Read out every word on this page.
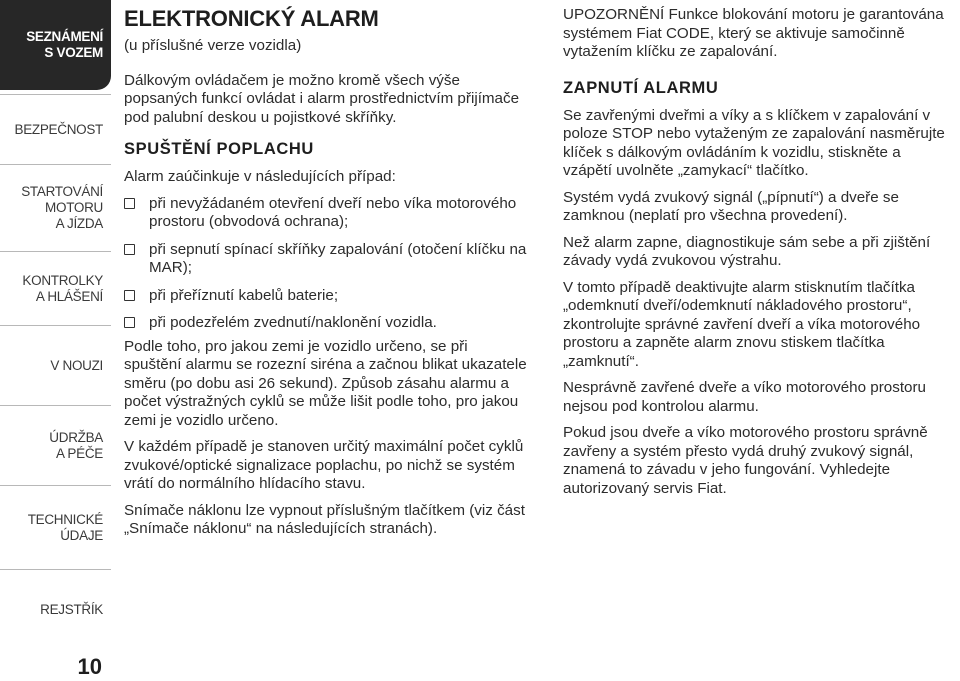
SEZNÁMENÍ
S VOZEM
BEZPEČNOST
STARTOVÁNÍ
MOTORU
A JÍZDA
KONTROLKY
A HLÁŠENÍ
V NOUZI
ÚDRŽBA
A PÉČE
TECHNICKÉ
ÚDAJE
REJSTŘÍK
10
ELEKTRONICKÝ ALARM

(u příslušné verze vozidla)

Dálkovým ovládačem je možno kromě všech výše popsaných funkcí ovládat i alarm prostřednictvím přijímače pod palubní deskou u pojistkové skříňky.

SPUŠTĚNÍ POPLACHU

Alarm zaúčinkuje v následujících případ:

při nevyžádaném otevření dveří nebo víka motorového prostoru (obvodová ochrana);
při sepnutí spínací skříňky zapalování (otočení klíčku na MAR);
při přeříznutí kabelů baterie;
při podezřelém zvednutí/naklonění vozidla.

Podle toho, pro jakou zemi je vozidlo určeno, se při spuštění alarmu se rozezní siréna a začnou blikat ukazatele směru (po dobu asi 26 sekund). Způsob zásahu alarmu a počet výstražných cyklů se může lišit podle toho, pro jakou zemi je vozidlo určeno.

V každém případě je stanoven určitý maximální počet cyklů zvukové/optické signalizace poplachu, po nichž se systém vrátí do normálního hlídacího stavu.

Snímače náklonu lze vypnout příslušným tlačítkem (viz část „Snímače náklonu“ na následujících stranách).

UPOZORNĚNÍ Funkce blokování motoru je garantována systémem Fiat CODE, který se aktivuje samočinně vytažením klíčku ze zapalování.

ZAPNUTÍ ALARMU

Se zavřenými dveřmi a víky a s klíčkem v zapalování v poloze STOP nebo vytaženým ze zapalování nasměrujte klíček s dálkovým ovládáním k vozidlu, stiskněte a vzápětí uvolněte „zamykací“ tlačítko.

Systém vydá zvukový signál („pípnutí“) a dveře se zamknou (neplatí pro všechna provedení).

Než alarm zapne, diagnostikuje sám sebe a při zjištění závady vydá zvukovou výstrahu.

V tomto případě deaktivujte alarm stisknutím tlačítka „odemknutí dveří/odemknutí nákladového prostoru“, zkontrolujte správné zavření dveří a víka motorového prostoru a zapněte alarm znovu stiskem tlačítka „zamknutí“.

Nesprávně zavřené dveře a víko motorového prostoru nejsou pod kontrolou alarmu.

Pokud jsou dveře a víko motorového prostoru správně zavřeny a systém přesto vydá druhý zvukový signál, znamená to závadu v jeho fungování. Vyhledejte autorizovaný servis Fiat.
